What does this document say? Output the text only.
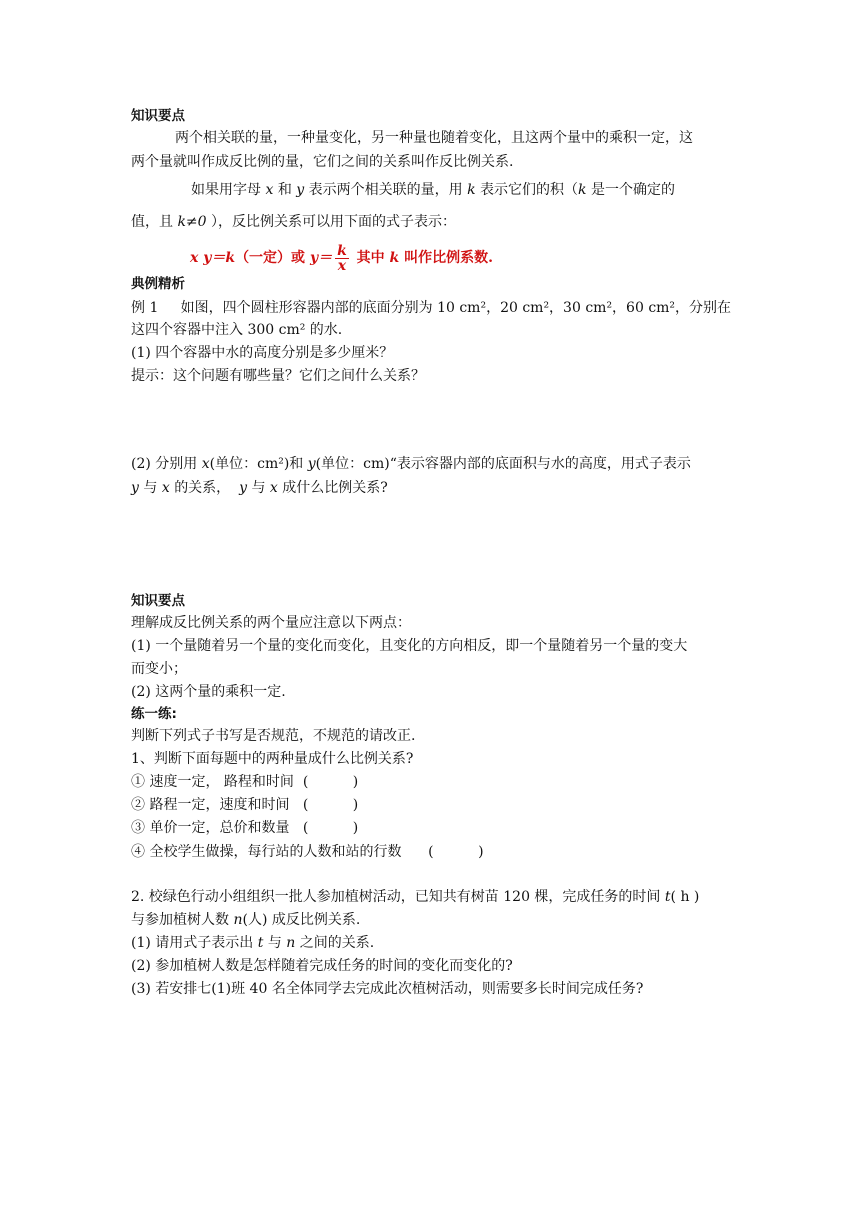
知识要点
两个相关联的量，一种量变化，另一种量也随着变化，且这两个量中的乘积一定，这
两个量就叫作成反比例的量，它们之间的关系叫作反比例关系.
如果用字母 x 和 y 表示两个相关联的量，用 k 表示它们的积（k 是一个确定的
值，且 k≠0 ），反比例关系可以用下面的式子表示：
x y＝k（一定）或 $y= \frac{k}{x}$ 其中 k 叫作比例系数.
典例精析
例 1 如图，四个圆柱形容器内部的底面分别为 10 cm²，20 cm²，30 cm²，60 cm²，分别在
这四个容器中注入 300 cm² 的水.
(1) 四个容器中水的高度分别是多少厘米？
提示：这个问题有哪些量？它们之间什么关系？
(2) 分别用 x(单位：cm²)和 y(单位：cm)“表示容器内部的底面积与水的高度，用式子表示
y 与 x 的关系， y 与 x 成什么比例关系?
知识要点
理解成反比例关系的两个量应注意以下两点：
(1) 一个量随着另一个量的变化而变化，且变化的方向相反，即一个量随着另一个量的变大
而变小；
(2) 这两个量的乘积一定.
练一练:
判断下列式子书写是否规范，不规范的请改正.
1、判断下面每题中的两种量成什么比例关系?
① 速度一定， 路程和时间 (          )
② 路程一定，速度和时间 (          )
③ 单价一定，总价和数量 (          )
④ 全校学生做操，每行站的人数和站的行数 (          )
2. 校绿色行动小组组织一批人参加植树活动，已知共有树苗 120 棵，完成任务的时间 t( h )
与参加植树人数 n(人) 成反比例关系.
(1) 请用式子表示出 t 与 n 之间的关系.
(2) 参加植树人数是怎样随着完成任务的时间的变化而变化的?
(3) 若安排七(1)班 40 名全体同学去完成此次植树活动，则需要多长时间完成任务?
